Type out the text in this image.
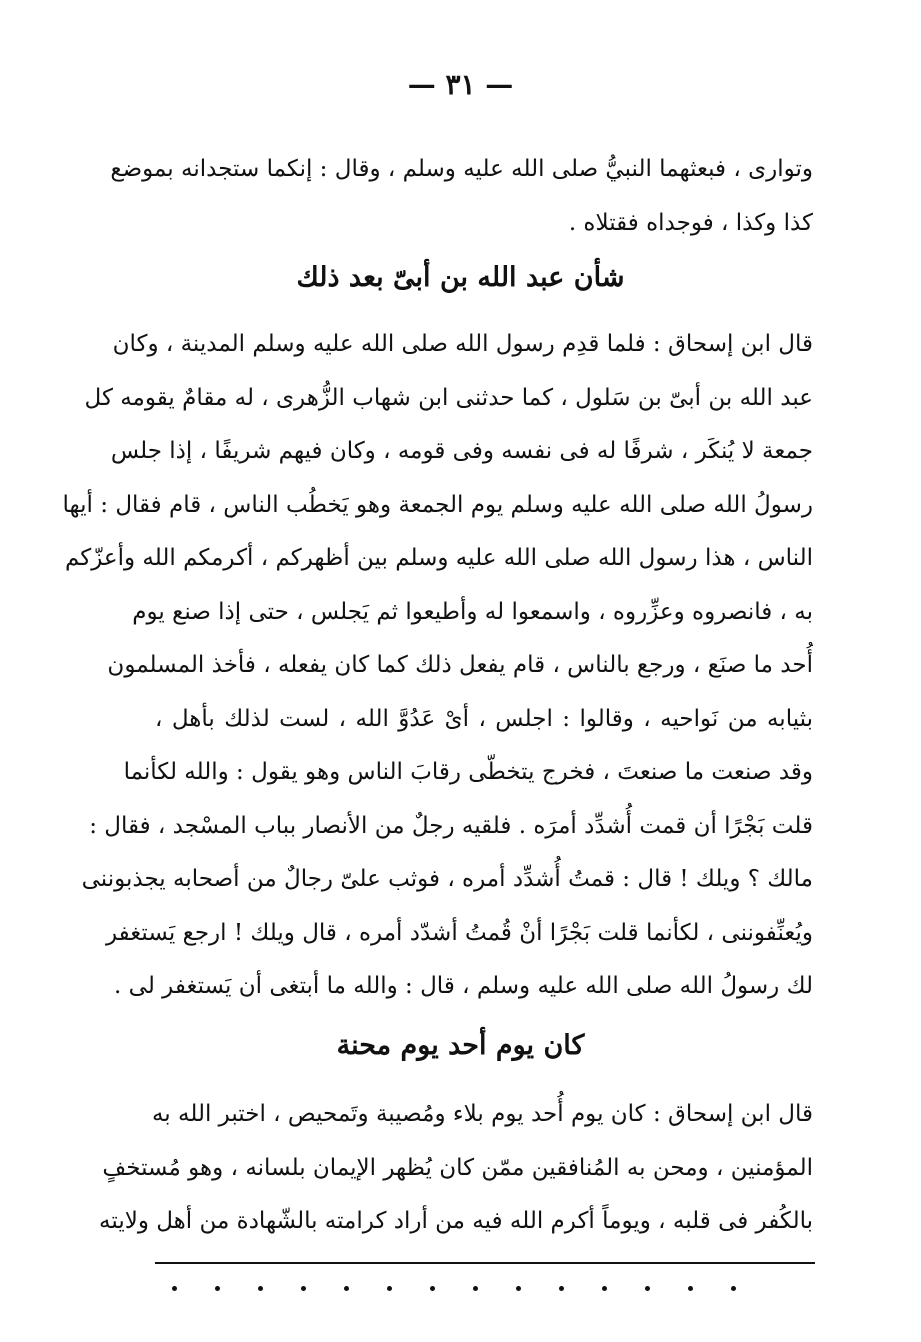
— ٣١ —
وتوارى ، فبعثهما النبيُّ صلى الله عليه وسلم ، وقال : إنكما ستجدانه بموضع
كذا وكذا ، فوجداه فقتلاه .
شأن عبد الله بن أبىّ بعد ذلك
قال ابن إسحاق : فلما قدِم رسول الله صلى الله عليه وسلم المدينة ، وكان
عبد الله بن أبىّ بن سَلول ، كما حدثنى ابن شهاب الزُّهرى ، له مقامٌ يقومه كل
جمعة لا يُنكَر ، شرفًا له فى نفسه وفى قومه ، وكان فيهم شريفًا ، إذا جلس
رسولُ الله صلى الله عليه وسلم يوم الجمعة وهو يَخطُب الناس ، قام فقال : أيها
الناس ، هذا رسول الله صلى الله عليه وسلم بين أظهركم ، أكرمكم الله وأعزّكم
به ، فانصروه وعزِّروه ، واسمعوا له وأطيعوا ثم يَجلس ، حتى إذا صنع يوم
أُحد ما صنَع ، ورجع بالناس ، قام يفعل ذلك كما كان يفعله ، فأخذ المسلمون
بثيابه من نَواحيه ، وقالوا : اجلس ، أىْ عَدُوَّ الله ، لست لذلك بأهل ،
وقد صنعت ما صنعتَ ، فخرج يتخطّى رقابَ الناس وهو يقول : والله لكأنما
قلت بَجْرًا أن قمت أُشدِّد أمرَه . فلقيه رجلٌ من الأنصار بباب المسْجد ، فقال :
مالك ؟ ويلك ! قال : قمتُ أُشدِّد أمره ، فوثب علىّ رجالٌ من أصحابه يجذبوننى
ويُعنِّفوننى ، لكأنما قلت بَجْرًا أنْ قُمتُ أشدّد أمره ، قال ويلك ! ارجع يَستغفر
لك رسولُ الله صلى الله عليه وسلم ، قال : والله ما أبتغى أن يَستغفر لى .
كان يوم أحد يوم محنة
قال ابن إسحاق : كان يوم أُحد يوم بلاء ومُصيبة وتَمحيص ، اختبر الله به
المؤمنين ، ومحن به المُنافقين ممّن كان يُظهر الإيمان بلسانه ، وهو مُستخفٍ
بالكُفر فى قلبه ، ويوماً أكرم الله فيه من أراد كرامته بالشّهادة من أهل ولايته
